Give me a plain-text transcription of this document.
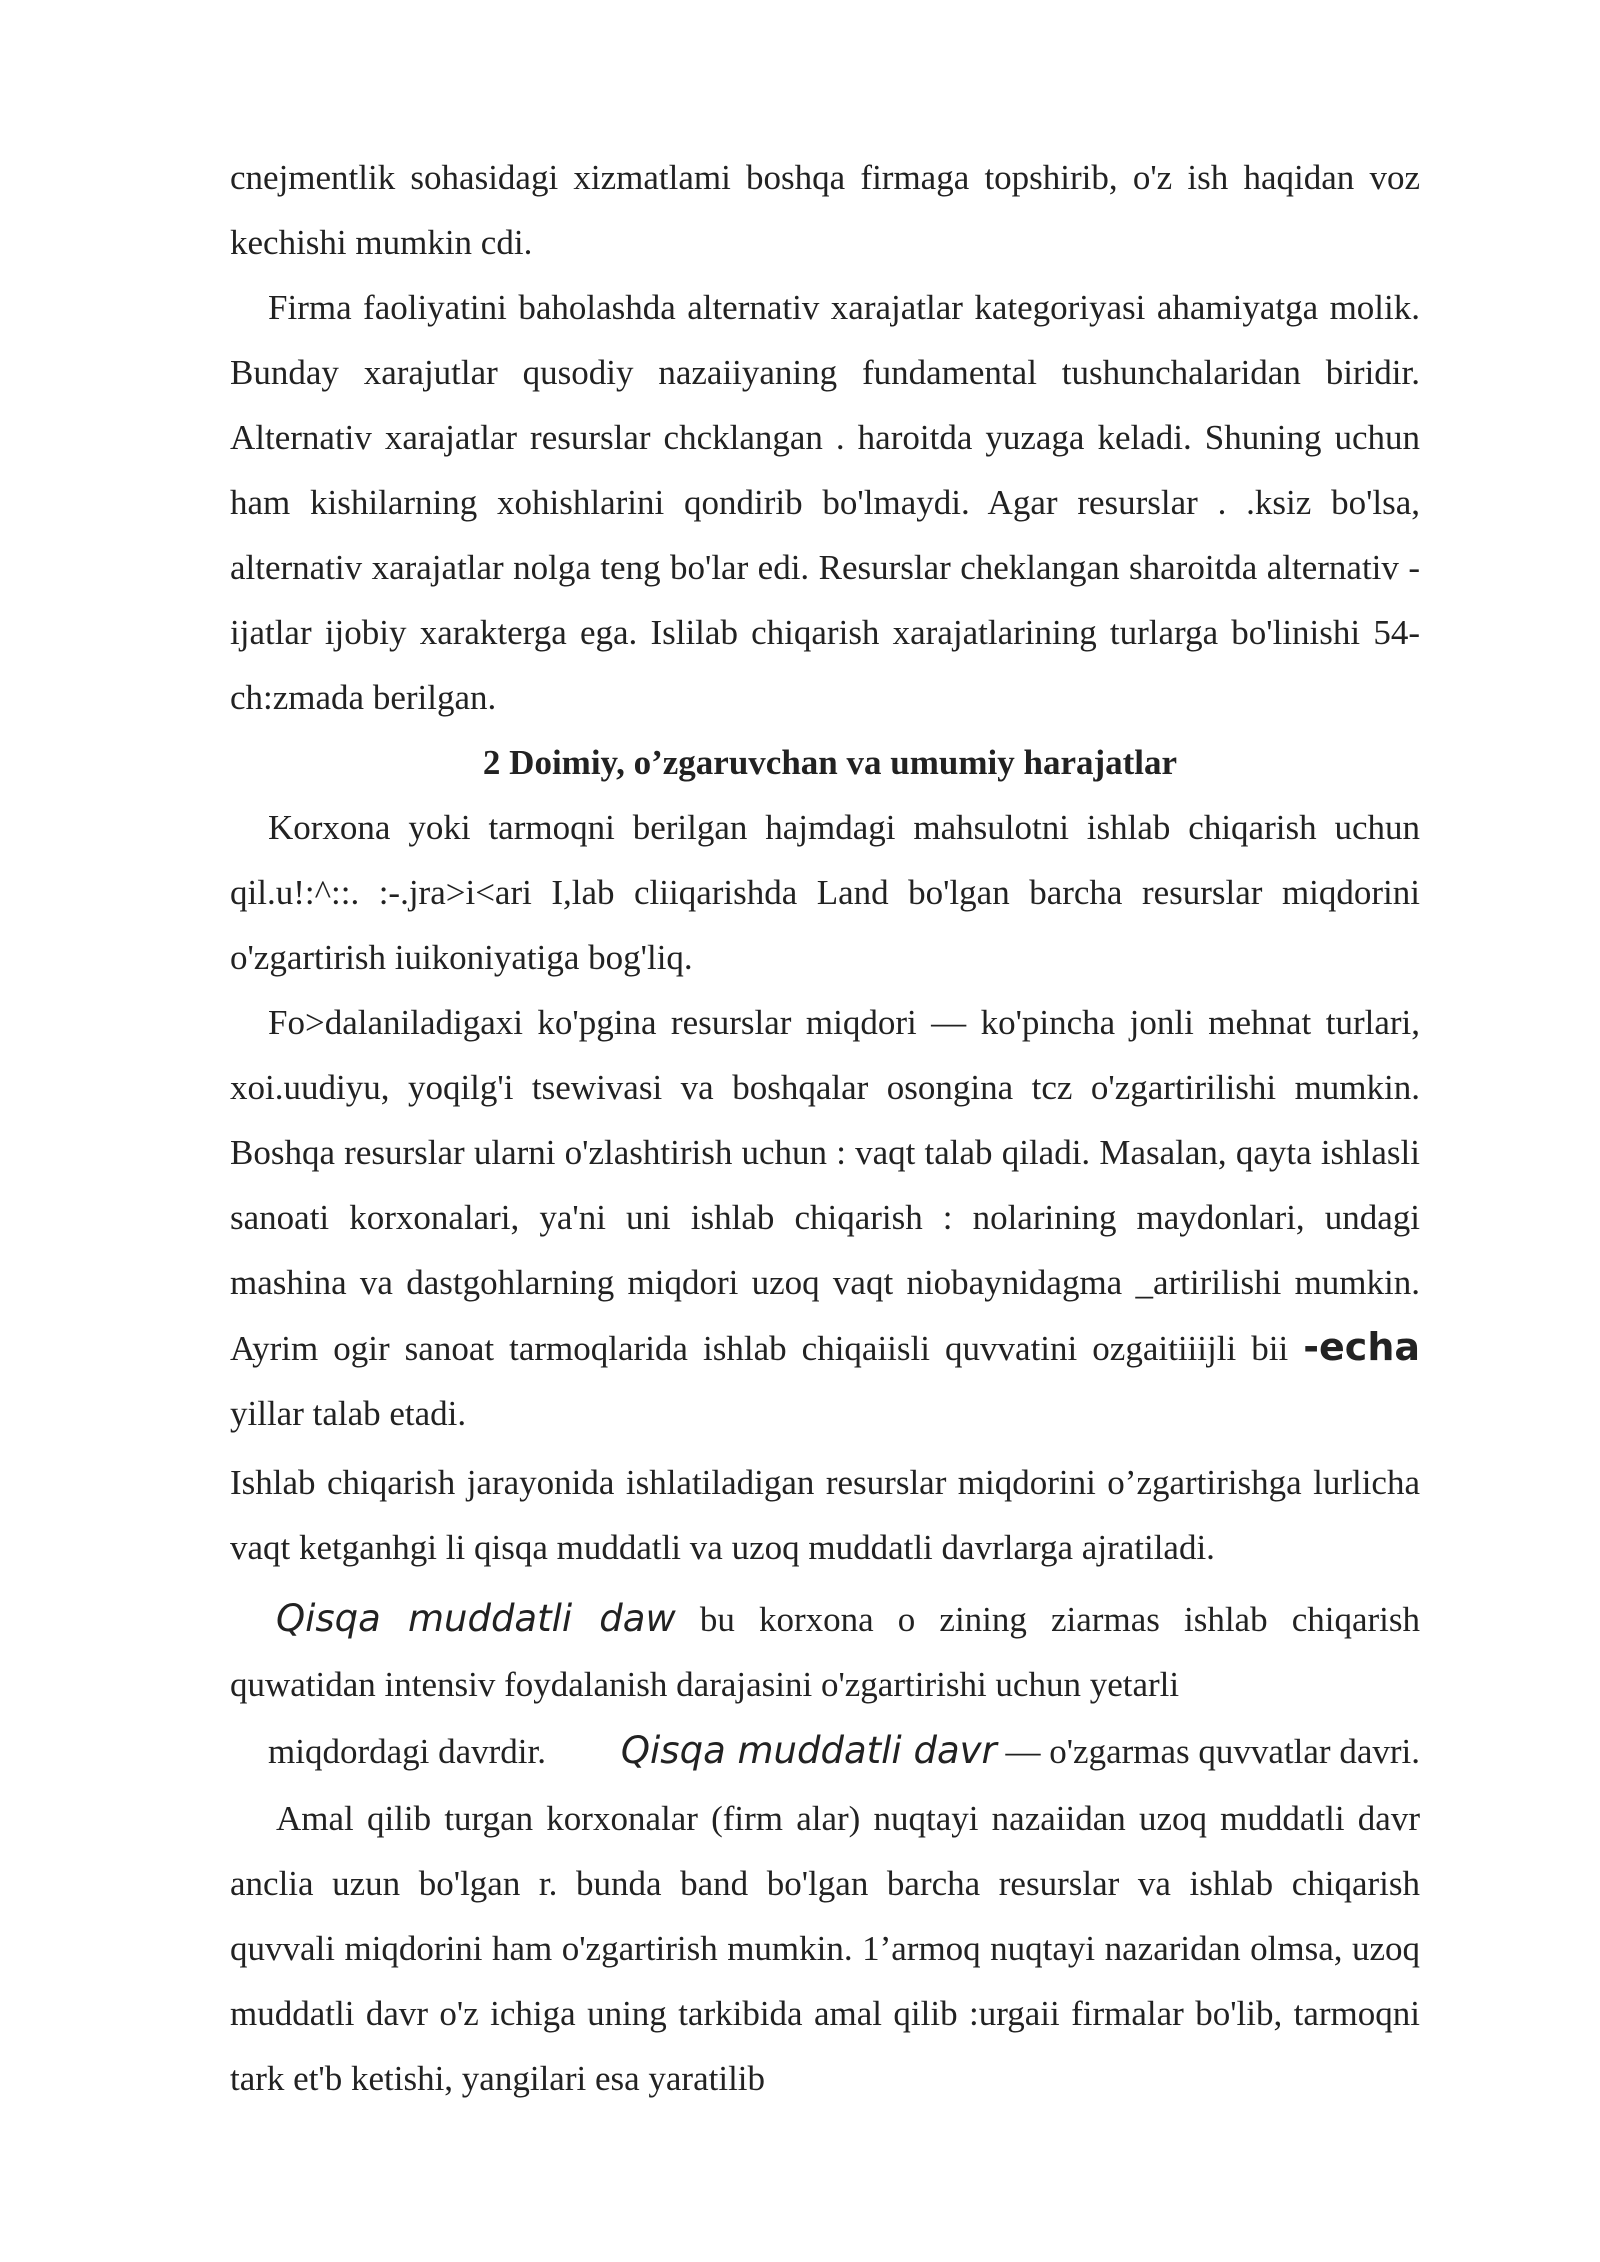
cnejmentlik sohasidagi xizmatlami boshqa firmaga topshirib, o'z ish haqidan voz kechishi mumkin cdi.

Firma faoliyatini baholashda alternativ xarajatlar kategoriyasi ahamiyatga molik. Bunday xarajutlar qusodiy nazaiiyaning fundamental tushunchalaridan biridir. Alternativ xarajatlar resurslar chcklangan . haroitda yuzaga keladi. Shuning uchun ham kishilarning xohishlarini qondirib bo'lmaydi. Agar resurslar . .ksiz bo'lsa, alternativ xarajatlar nolga teng bo'lar edi. Resurslar cheklangan sharoitda alternativ -ijatlar ijobiy xarakterga ega. Islilab chiqarish xarajatlarining turlarga bo'linishi 54-ch:zmada berilgan.

2 Doimiy, o’zgaruvchan va umumiy harajatlar

Korxona yoki tarmoqni berilgan hajmdagi mahsulotni ishlab chiqarish uchun qil.u!:^::. :-.jra>i<ari I,lab cliiqarishda Land bo'lgan barcha resurslar miqdorini o'zgartirish iuikoniyatiga bog'liq.

Fo>dalaniladigaxi ko'pgina resurslar miqdori — ko'pincha jonli mehnat turlari, xoi.uudiyu, yoqilg'i tsewivasi va boshqalar osongina tcz o'zgartirilishi mumkin. Boshqa resurslar ularni o'zlashtirish uchun : vaqt talab qiladi. Masalan, qayta ishlasli sanoati korxonalari, ya'ni uni ishlab chiqarish : nolarining maydonlari, undagi mashina va dastgohlarning miqdori uzoq vaqt niobaynidagma _artirilishi mumkin. Ayrim ogir sanoat tarmoqlarida ishlab chiqaiisli quvvatini ozgaitiiijli bii -echa yillar talab etadi.

Ishlab chiqarish jarayonida ishlatiladigan resurslar miqdorini o’zgartirishga lurlicha vaqt ketganhgi li qisqa muddatli va uzoq muddatli davrlarga ajratiladi.

Qisqa muddatli daw bu korxona o zining ziarmas ishlab chiqarish quwatidan intensiv foydalanish darajasini o'zgartirishi uchun yetarli

miqdordagi davrdir. Qisqa muddatli davr — o'zgarmas quvvatlar davri.

Amal qilib turgan korxonalar (firm alar) nuqtayi nazaiidan uzoq muddatli davr anclia uzun bo'lgan r. bunda band bo'lgan barcha resurslar va ishlab chiqarish quvvali miqdorini ham o'zgartirish mumkin. 1’armoq nuqtayi nazaridan olmsa, uzoq muddatli davr o'z ichiga uning tarkibida amal qilib :urgaii firmalar bo'lib, tarmoqni tark et'b ketishi, yangilari esa yaratilib
